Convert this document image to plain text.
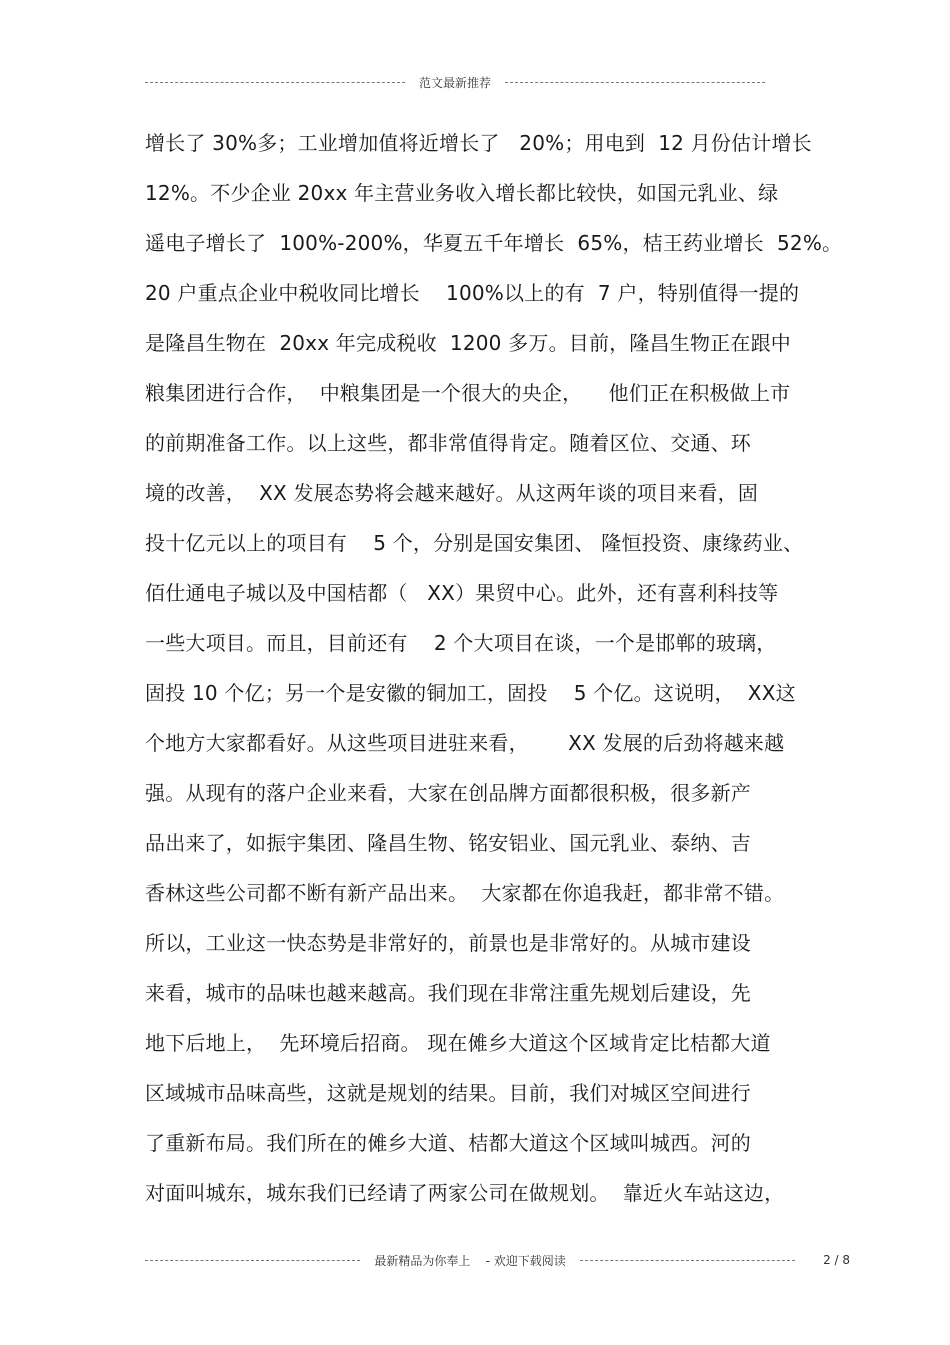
范文最新推荐
增长了 30%多；工业增加值将近增长了   20%；用电到  12 月份估计增长
12%。不少企业 20xx 年主营业务收入增长都比较快，如国元乳业、绿
遥电子增长了  100%-200%，华夏五千年增长  65%，桔王药业增长  52%。
20 户重点企业中税收同比增长    100%以上的有  7 户，特别值得一提的
是隆昌生物在  20xx 年完成税收  1200 多万。目前，隆昌生物正在跟中
粮集团进行合作，  中粮集团是一个很大的央企，    他们正在积极做上市
的前期准备工作。以上这些，都非常值得肯定。随着区位、交通、环
境的改善，  XX 发展态势将会越来越好。从这两年谈的项目来看，固
投十亿元以上的项目有    5 个，分别是国安集团、 隆恒投资、康缘药业、
佰仕通电子城以及中国桔都（   XX）果贸中心。此外，还有喜利科技等
一些大项目。而且，目前还有    2 个大项目在谈，一个是邯郸的玻璃，
固投 10 个亿；另一个是安徽的铜加工，固投    5 个亿。这说明，  XX这
个地方大家都看好。从这些项目进驻来看，      XX 发展的后劲将越来越
强。从现有的落户企业来看，大家在创品牌方面都很积极，很多新产
品出来了，如振宇集团、隆昌生物、铭安铝业、国元乳业、泰纳、吉
香林这些公司都不断有新产品出来。  大家都在你追我赶，都非常不错。
所以，工业这一快态势是非常好的，前景也是非常好的。从城市建设
来看，城市的品味也越来越高。我们现在非常注重先规划后建设，先
地下后地上，  先环境后招商。 现在傩乡大道这个区域肯定比桔都大道
区域城市品味高些，这就是规划的结果。目前，我们对城区空间进行
了重新布局。我们所在的傩乡大道、桔都大道这个区域叫城西。河的
对面叫城东，城东我们已经请了两家公司在做规划。  靠近火车站这边，
最新精品为你奉上    - 欢迎下载阅读	2 / 8
